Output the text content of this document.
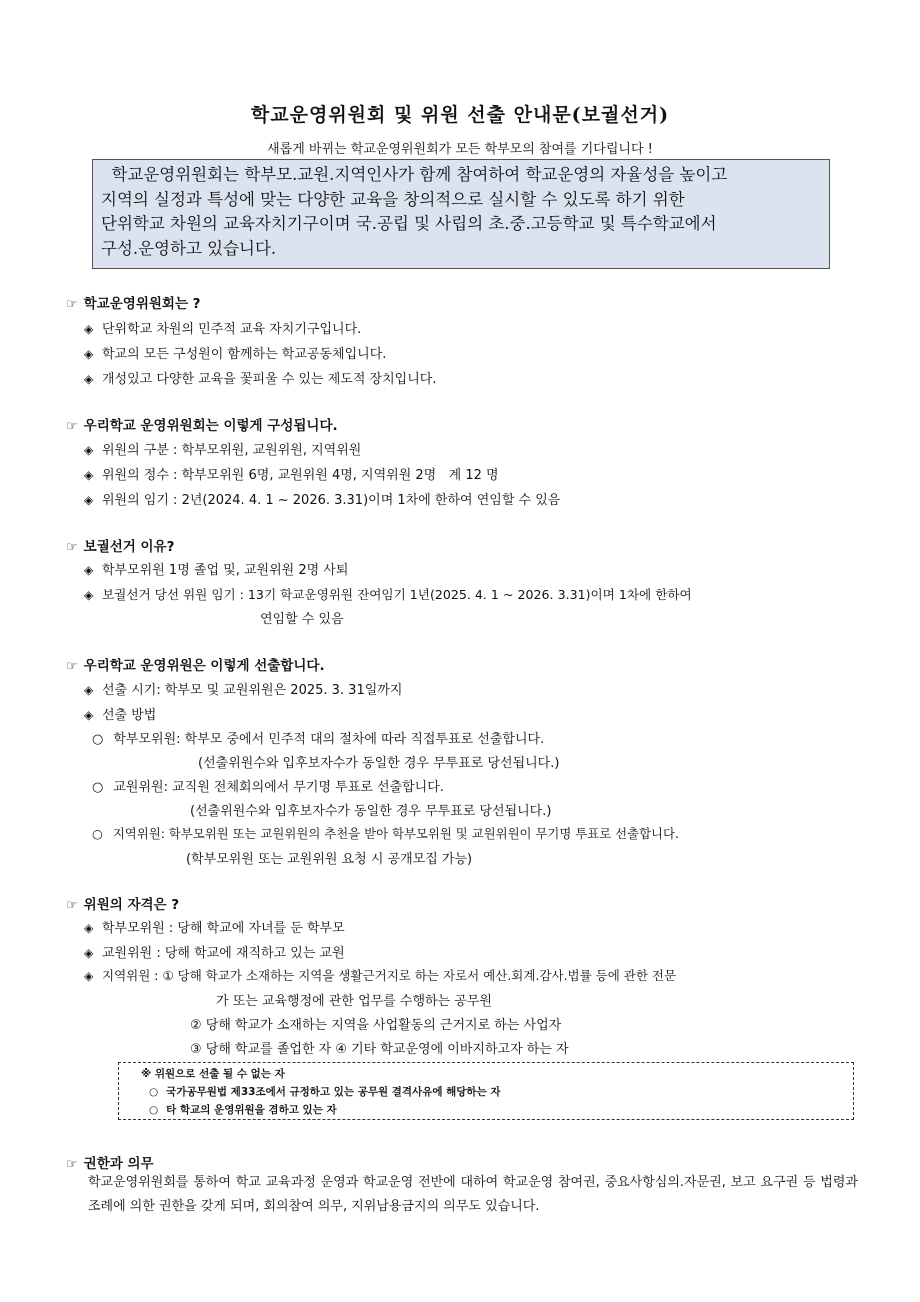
학교운영위원회 및 위원 선출 안내문(보궐선거)
새롭게 바뀌는 학교운영위원회가 모든 학부모의 참여를 기다립니다 !
학교운영위원회는 학부모.교원.지역인사가 함께 참여하여 학교운영의 자율성을 높이고
지역의 실정과 특성에 맞는 다양한 교육을 창의적으로 실시할 수 있도록 하기 위한
단위학교 차원의 교육자치기구이며 국.공립 및 사립의 초.중.고등학교 및 특수학교에서
구성.운영하고 있습니다.
☞ 학교운영위원회는 ?
◈ 단위학교 차원의 민주적 교육 자치기구입니다.
◈ 학교의 모든 구성원이 함께하는 학교공동체입니다.
◈ 개성있고 다양한 교육을 꽃피울 수 있는 제도적 장치입니다.
☞ 우리학교 운영위원회는 이렇게 구성됩니다.
◈ 위원의 구분 : 학부모위원, 교원위원, 지역위원
◈ 위원의 정수 : 학부모위원 6명, 교원위원 4명, 지역위원 2명   계 12 명
◈ 위원의 임기 : 2년(2024. 4. 1 ~ 2026. 3.31)이며 1차에 한하여 연임할 수 있음
☞ 보궐선거 이유?
◈ 학부모위원 1명 졸업 및, 교원위원 2명 사퇴
◈ 보궐선거 당선 위원 임기 : 13기 학교운영위원 잔여임기 1년(2025. 4. 1 ~ 2026. 3.31)이며 1차에 한하여
연임할 수 있음
☞ 우리학교 운영위원은 이렇게 선출합니다.
◈ 선출 시기: 학부모 및 교원위원은 2025. 3. 31일까지
◈ 선출 방법
○ 학부모위원: 학부모 중에서 민주적 대의 절차에 따라 직접투표로 선출합니다.
(선출위원수와 입후보자수가 동일한 경우 무투표로 당선됩니다.)
○ 교원위원: 교직원 전체회의에서 무기명 투표로 선출합니다.
(선출위원수와 입후보자수가 동일한 경우 무투표로 당선됩니다.)
○ 지역위원: 학부모위원 또는 교원위원의 추천을 받아 학부모위원 및 교원위원이 무기명 투표로 선출합니다.
(학부모위원 또는 교원위원 요청 시 공개모집 가능)
☞ 위원의 자격은 ?
◈ 학부모위원 : 당해 학교에 자녀를 둔 학부모
◈ 교원위원 : 당해 학교에 재직하고 있는 교원
◈ 지역위원 : ① 당해 학교가 소재하는 지역을 생활근거지로 하는 자로서 예산.회계.감사.법률 등에 관한 전문
가 또는 교육행정에 관한 업무를 수행하는 공무원
② 당해 학교가 소재하는 지역을 사업활동의 근거지로 하는 사업자
③ 당해 학교를 졸업한 자 ④ 기타 학교운영에 이바지하고자 하는 자
※ 위원으로 선출 될 수 없는 자
○ 국가공무원법 제33조에서 규정하고 있는 공무원 결격사유에 해당하는 자
○ 타 학교의 운영위원을 겸하고 있는 자
☞ 권한과 의무
학교운영위원회를 통하여 학교 교육과정 운영과 학교운영 전반에 대하여 학교운영 참여권, 중요사항심의.자문권, 보고 요구권 등 법령과 조례에 의한 권한을 갖게 되며, 회의참여 의무, 지위남용금지의 의무도 있습니다.
